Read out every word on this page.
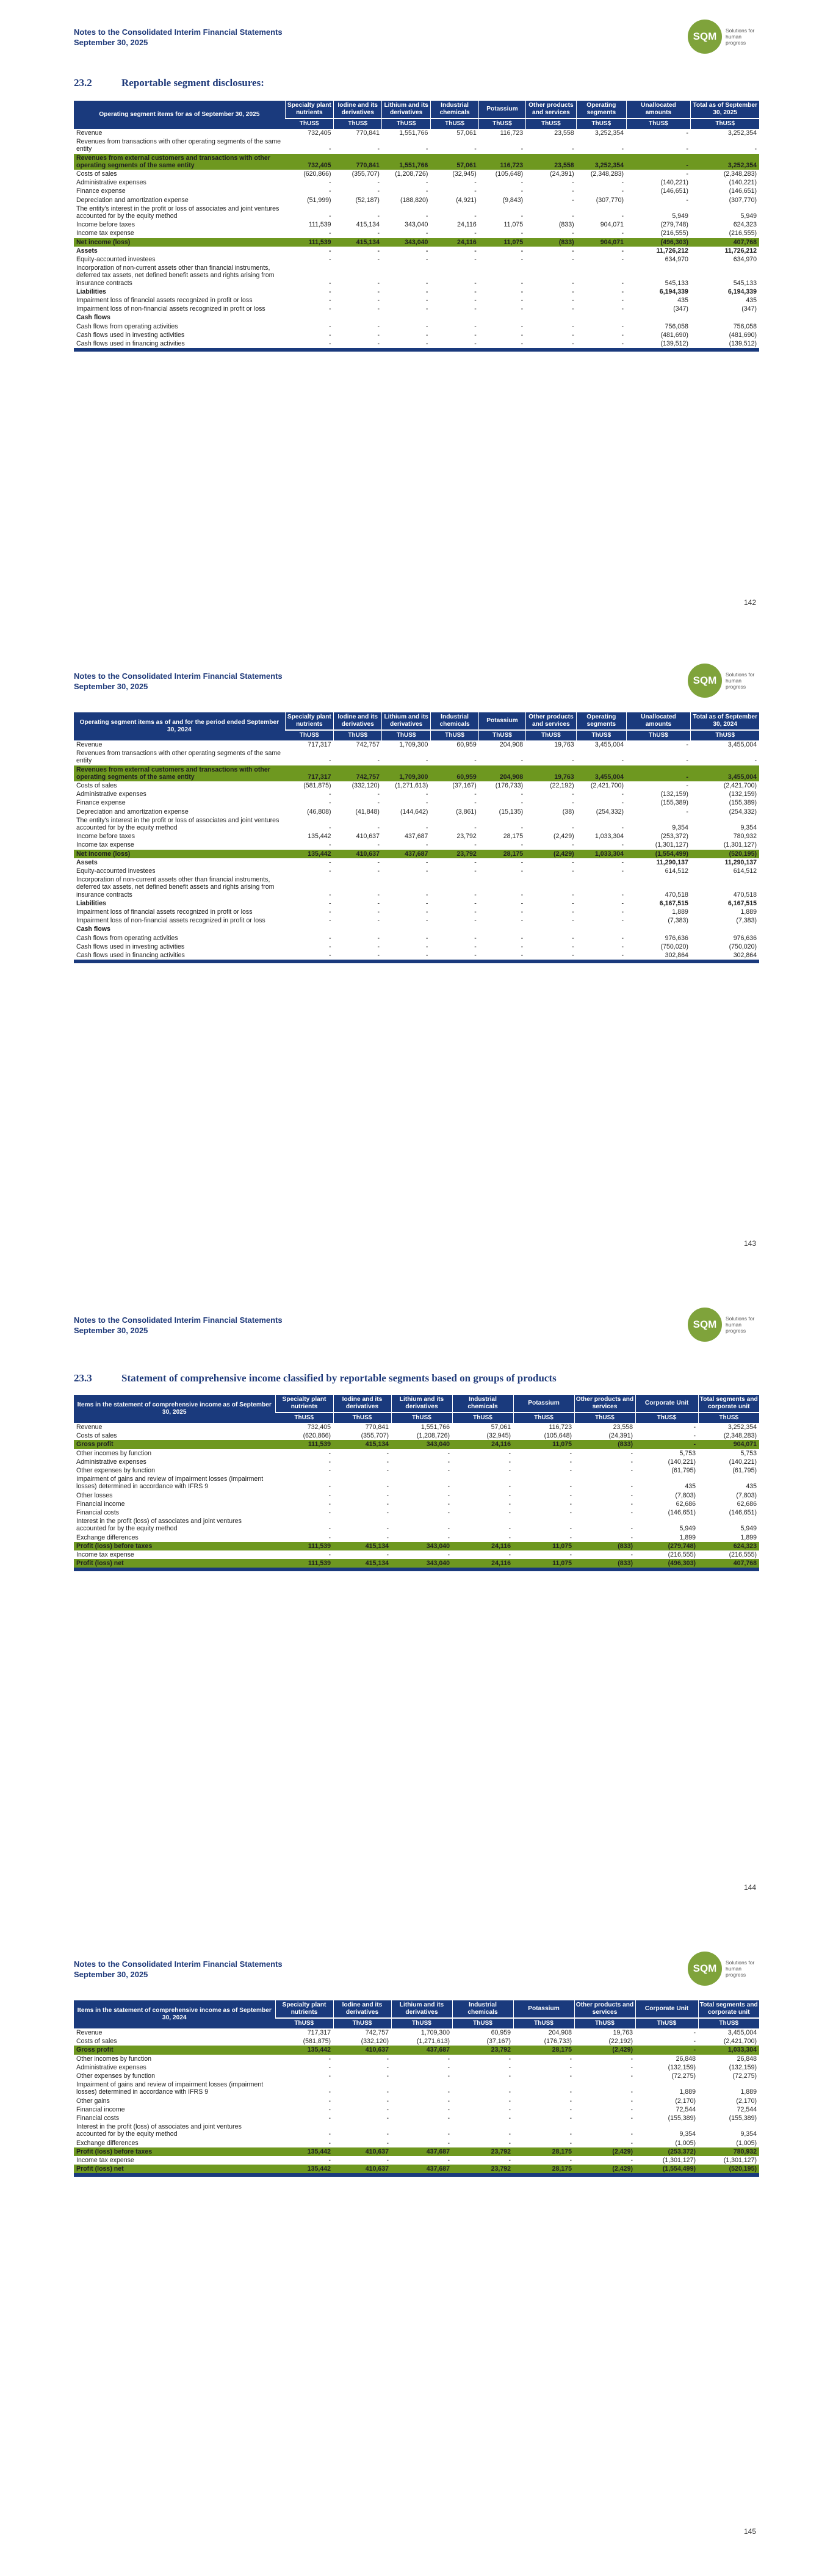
Notes to the Consolidated Interim Financial Statements
September 30, 2025
SQM	Solutions for human progress
23.2	Reportable segment disclosures:
Operating segment items for as of September 30, 2025	Specialty plant nutrients	Iodine and its derivatives	Lithium and its derivatives	Industrial chemicals	Potassium	Other products and services	Operating segments	Unallocated amounts	Total as of September 30, 2025
	ThUS$	ThUS$	ThUS$	ThUS$	ThUS$	ThUS$	ThUS$	ThUS$	ThUS$
Revenue	732,405	770,841	1,551,766	57,061	116,723	23,558	3,252,354	-	3,252,354
Revenues from transactions with other operating segments of the same entity	-	-	-	-	-	-	-	-	-
Revenues from external customers and transactions with other operating segments of the same entity	732,405	770,841	1,551,766	57,061	116,723	23,558	3,252,354	-	3,252,354
Costs of sales	(620,866)	(355,707)	(1,208,726)	(32,945)	(105,648)	(24,391)	(2,348,283)	-	(2,348,283)
Administrative expenses	-	-	-	-	-	-	-	(140,221)	(140,221)
Finance expense	-	-	-	-	-	-	-	(146,651)	(146,651)
Depreciation and amortization expense	(51,999)	(52,187)	(188,820)	(4,921)	(9,843)	-	(307,770)	-	(307,770)
The entity's interest in the profit or loss of associates and joint ventures accounted for by the equity method	-	-	-	-	-	-	-	5,949	5,949
Income before taxes	111,539	415,134	343,040	24,116	11,075	(833)	904,071	(279,748)	624,323
Income tax expense	-	-	-	-	-	-	-	(216,555)	(216,555)
Net income (loss)	111,539	415,134	343,040	24,116	11,075	(833)	904,071	(496,303)	407,768
Assets	-	-	-	-	-	-	-	11,726,212	11,726,212
Equity-accounted investees	-	-	-	-	-	-	-	634,970	634,970
Incorporation of non-current assets other than financial instruments, deferred tax assets, net defined benefit assets and rights arising from insurance contracts	-	-	-	-	-	-	-	545,133	545,133
Liabilities	-	-	-	-	-	-	-	6,194,339	6,194,339
Impairment loss of financial assets recognized in profit or loss	-	-	-	-	-	-	-	435	435
Impairment loss of non-financial assets recognized in profit or loss	-	-	-	-	-	-	-	(347)	(347)
Cash flows									
Cash flows from operating activities	-	-	-	-	-	-	-	756,058	756,058
Cash flows used in investing activities	-	-	-	-	-	-	-	(481,690)	(481,690)
Cash flows used in financing activities	-	-	-	-	-	-	-	(139,512)	(139,512)
142
Notes to the Consolidated Interim Financial Statements
September 30, 2025
SQM	Solutions for human progress
Operating segment items as of and for the period ended September 30, 2024	Specialty plant nutrients	Iodine and its derivatives	Lithium and its derivatives	Industrial chemicals	Potassium	Other products and services	Operating segments	Unallocated amounts	Total as of September 30, 2024
	ThUS$	ThUS$	ThUS$	ThUS$	ThUS$	ThUS$	ThUS$	ThUS$	ThUS$
Revenue	717,317	742,757	1,709,300	60,959	204,908	19,763	3,455,004	-	3,455,004
Revenues from transactions with other operating segments of the same entity	-	-	-	-	-	-	-	-	-
Revenues from external customers and transactions with other operating segments of the same entity	717,317	742,757	1,709,300	60,959	204,908	19,763	3,455,004	-	3,455,004
Costs of sales	(581,875)	(332,120)	(1,271,613)	(37,167)	(176,733)	(22,192)	(2,421,700)	-	(2,421,700)
Administrative expenses	-	-	-	-	-	-	-	(132,159)	(132,159)
Finance expense	-	-	-	-	-	-	-	(155,389)	(155,389)
Depreciation and amortization expense	(46,808)	(41,848)	(144,642)	(3,861)	(15,135)	(38)	(254,332)	-	(254,332)
The entity's interest in the profit or loss of associates and joint ventures accounted for by the equity method	-	-	-	-	-	-	-	9,354	9,354
Income before taxes	135,442	410,637	437,687	23,792	28,175	(2,429)	1,033,304	(253,372)	780,932
Income tax expense	-	-	-	-	-	-	-	(1,301,127)	(1,301,127)
Net income (loss)	135,442	410,637	437,687	23,792	28,175	(2,429)	1,033,304	(1,554,499)	(520,195)
Assets	-	-	-	-	-	-	-	11,290,137	11,290,137
Equity-accounted investees	-	-	-	-	-	-	-	614,512	614,512
Incorporation of non-current assets other than financial instruments, deferred tax assets, net defined benefit assets and rights arising from insurance contracts	-	-	-	-	-	-	-	470,518	470,518
Liabilities	-	-	-	-	-	-	-	6,167,515	6,167,515
Impairment loss of financial assets recognized in profit or loss	-	-	-	-	-	-	-	1,889	1,889
Impairment loss of non-financial assets recognized in profit or loss	-	-	-	-	-	-	-	(7,383)	(7,383)
Cash flows									
Cash flows from operating activities	-	-	-	-	-	-	-	976,636	976,636
Cash flows used in investing activities	-	-	-	-	-	-	-	(750,020)	(750,020)
Cash flows used in financing activities	-	-	-	-	-	-	-	302,864	302,864
143
Notes to the Consolidated Interim Financial Statements
September 30, 2025
SQM	Solutions for human progress
23.3	Statement of comprehensive income classified by reportable segments based on groups of products
Items in the statement of comprehensive income as of September 30, 2025	Specialty plant nutrients	Iodine and its derivatives	Lithium and its derivatives	Industrial chemicals	Potassium	Other products and services	Corporate Unit	Total segments and corporate unit
	ThUS$	ThUS$	ThUS$	ThUS$	ThUS$	ThUS$	ThUS$	ThUS$
Revenue	732,405	770,841	1,551,766	57,061	116,723	23,558	-	3,252,354
Costs of sales	(620,866)	(355,707)	(1,208,726)	(32,945)	(105,648)	(24,391)	-	(2,348,283)
Gross profit	111,539	415,134	343,040	24,116	11,075	(833)	-	904,071
Other incomes by function	-	-	-	-	-	-	5,753	5,753
Administrative expenses	-	-	-	-	-	-	(140,221)	(140,221)
Other expenses by function	-	-	-	-	-	-	(61,795)	(61,795)
Impairment of gains and review of impairment losses (impairment losses) determined in accordance with IFRS 9	-	-	-	-	-	-	435	435
Other losses	-	-	-	-	-	-	(7,803)	(7,803)
Financial income	-	-	-	-	-	-	62,686	62,686
Financial costs	-	-	-	-	-	-	(146,651)	(146,651)
Interest in the profit (loss) of associates and joint ventures accounted for by the equity method	-	-	-	-	-	-	5,949	5,949
Exchange differences	-	-	-	-	-	-	1,899	1,899
Profit (loss) before taxes	111,539	415,134	343,040	24,116	11,075	(833)	(279,748)	624,323
Income tax expense	-	-	-	-	-	-	(216,555)	(216,555)
Profit (loss) net	111,539	415,134	343,040	24,116	11,075	(833)	(496,303)	407,768
144
Notes to the Consolidated Interim Financial Statements
September 30, 2025
SQM	Solutions for human progress
Items in the statement of comprehensive income as of September 30, 2024	Specialty plant nutrients	Iodine and its derivatives	Lithium and its derivatives	Industrial chemicals	Potassium	Other products and services	Corporate Unit	Total segments and corporate unit
	ThUS$	ThUS$	ThUS$	ThUS$	ThUS$	ThUS$	ThUS$	ThUS$
Revenue	717,317	742,757	1,709,300	60,959	204,908	19,763	-	3,455,004
Costs of sales	(581,875)	(332,120)	(1,271,613)	(37,167)	(176,733)	(22,192)	-	(2,421,700)
Gross profit	135,442	410,637	437,687	23,792	28,175	(2,429)	-	1,033,304
Other incomes by function	-	-	-	-	-	-	26,848	26,848
Administrative expenses	-	-	-	-	-	-	(132,159)	(132,159)
Other expenses by function	-	-	-	-	-	-	(72,275)	(72,275)
Impairment of gains and review of impairment losses (impairment losses) determined in accordance with IFRS 9	-	-	-	-	-	-	1,889	1,889
Other gains	-	-	-	-	-	-	(2,170)	(2,170)
Financial income	-	-	-	-	-	-	72,544	72,544
Financial costs	-	-	-	-	-	-	(155,389)	(155,389)
Interest in the profit (loss) of associates and joint ventures accounted for by the equity method	-	-	-	-	-	-	9,354	9,354
Exchange differences	-	-	-	-	-	-	(1,005)	(1,005)
Profit (loss) before taxes	135,442	410,637	437,687	23,792	28,175	(2,429)	(253,372)	780,932
Income tax expense	-	-	-	-	-	-	(1,301,127)	(1,301,127)
Profit (loss) net	135,442	410,637	437,687	23,792	28,175	(2,429)	(1,554,499)	(520,195)
145
